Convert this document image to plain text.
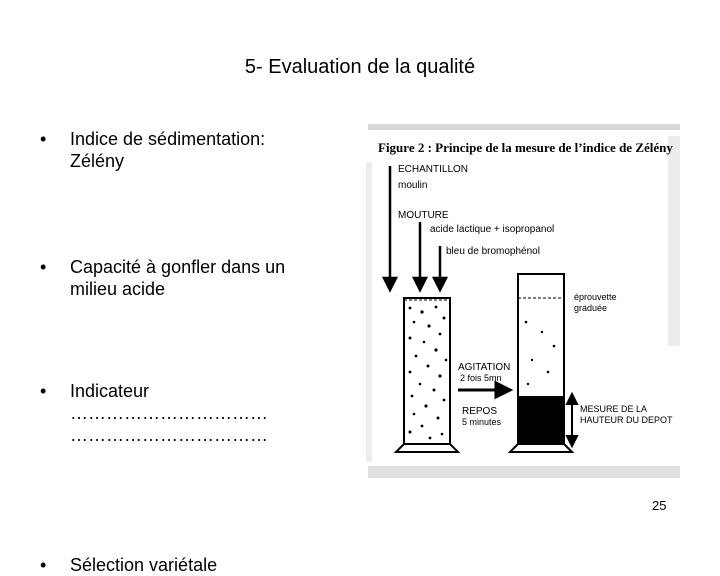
5- Evaluation de la qualité
• Indice de sédimentation:
Zélény
• Capacité à gonfler dans un
milieu acide
• Indicateur
……………………………
……………………………
• Sélection variétale
Figure 2 : Principe de la mesure de l’indice de Zélény
ECHANTILLON
moulin
MOUTURE
acide lactique + isopropanol
bleu de bromophénol
éprouvette
graduée
AGITATION
2 fois 5mn
REPOS
5 minutes
MESURE DE LA
HAUTEUR DU DEPOT
25
